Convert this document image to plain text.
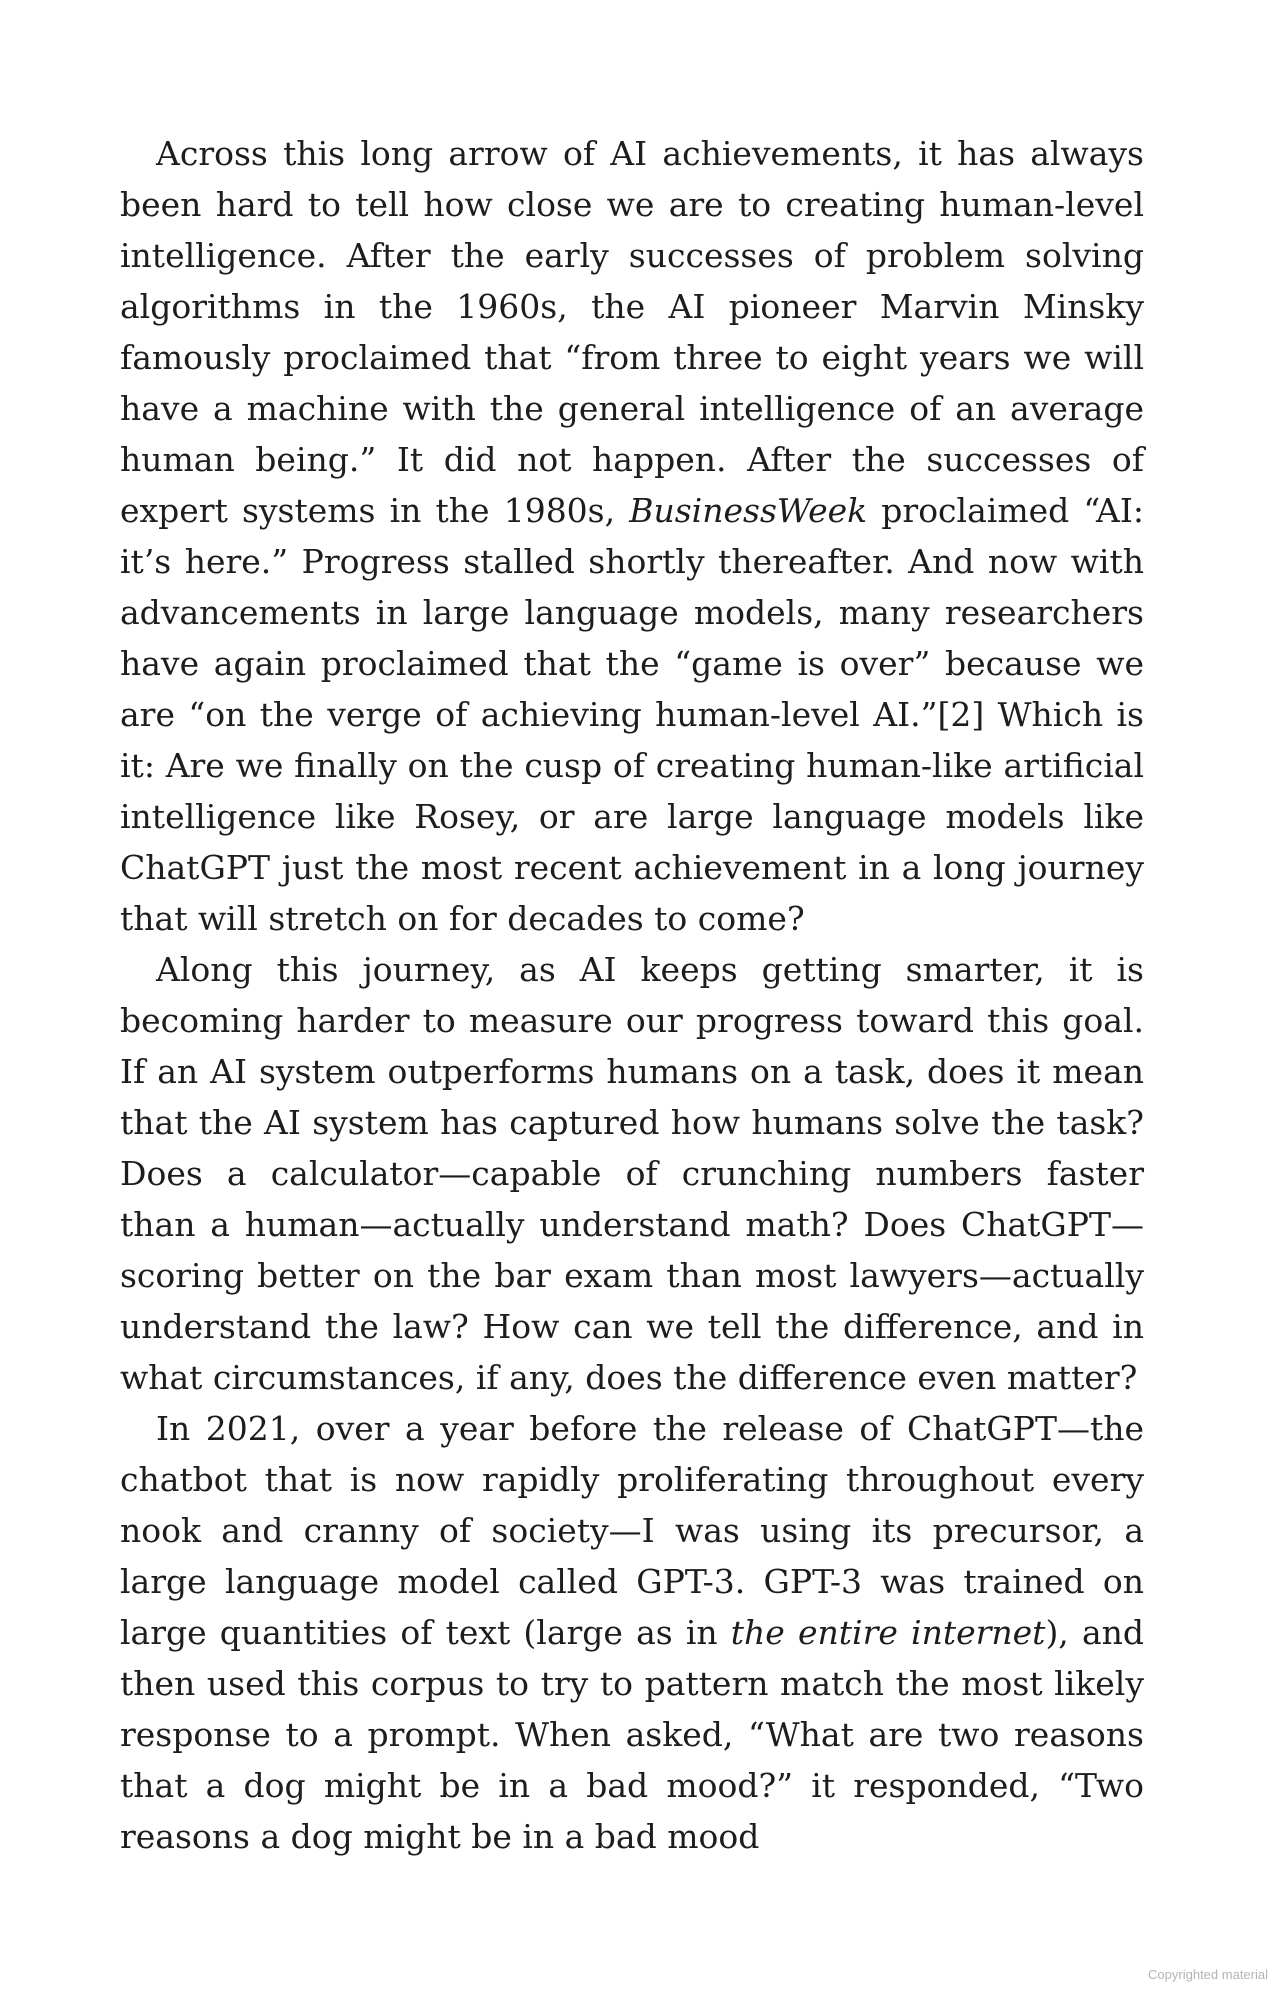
Across this long arrow of AI achievements, it has always been hard to tell how close we are to creating human-level intelligence. After the early successes of problem solving algorithms in the 1960s, the AI pioneer Marvin Minsky famously proclaimed that “from three to eight years we will have a machine with the general intelligence of an average human being.” It did not happen. After the successes of expert systems in the 1980s, BusinessWeek proclaimed “AI: it’s here.” Progress stalled shortly thereafter. And now with advancements in large language models, many researchers have again proclaimed that the “game is over” because we are “on the verge of achieving human-level AI.”[2] Which is it: Are we finally on the cusp of creating human-like artificial intelligence like Rosey, or are large language models like ChatGPT just the most recent achievement in a long journey that will stretch on for decades to come?

Along this journey, as AI keeps getting smarter, it is becoming harder to measure our progress toward this goal. If an AI system outperforms humans on a task, does it mean that the AI system has captured how humans solve the task? Does a calculator—capable of crunching numbers faster than a human—actually understand math? Does ChatGPT—scoring better on the bar exam than most lawyers—actually understand the law? How can we tell the difference, and in what circumstances, if any, does the difference even matter?

In 2021, over a year before the release of ChatGPT—the chatbot that is now rapidly proliferating throughout every nook and cranny of society—I was using its precursor, a large language model called GPT-3. GPT-3 was trained on large quantities of text (large as in the entire internet), and then used this corpus to try to pattern match the most likely response to a prompt. When asked, “What are two reasons that a dog might be in a bad mood?” it responded, “Two reasons a dog might be in a bad mood

Copyrighted material
